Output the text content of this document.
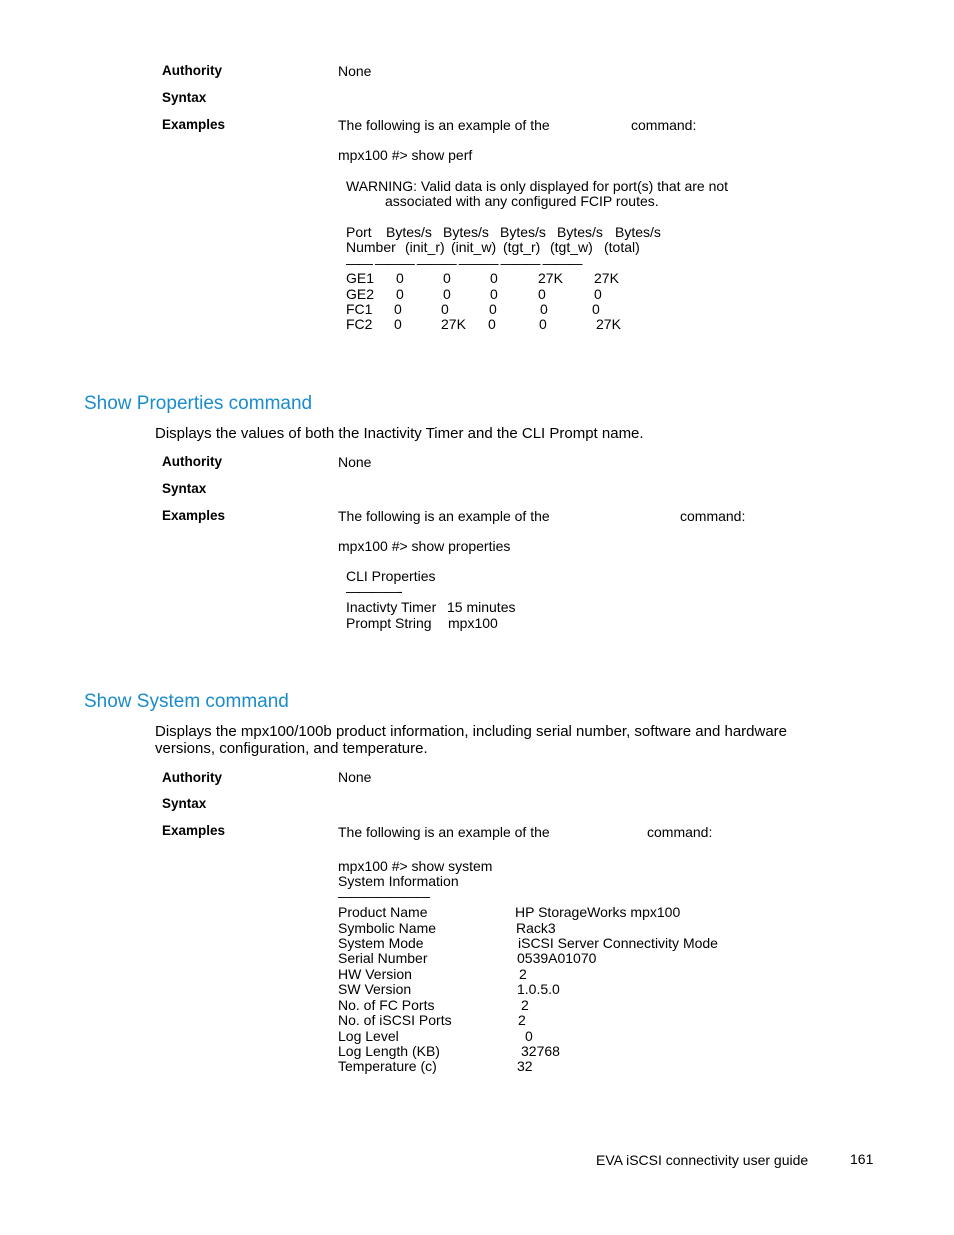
Authority	None
Syntax
Examples	The following is an example of the	command:
mpx100 #> show perf
WARNING: Valid data is only displayed for port(s) that are not
associated with any configured FCIP routes.
Port Bytes/s Bytes/s Bytes/s Bytes/s Bytes/s
Number (init_r) (init_w) (tgt_r) (tgt_w) (total)
—— ——— ——— ——— ——— ———
GE1 0	0	0	27K 27K
GE2 0	0	0	0	0
FC1 0	0	0	0	0
FC2 0	27K 0	0	27K
Show Properties command
Displays the values of both the Inactivity Timer and the CLI Prompt name.
Authority	None
Syntax
Examples	The following is an example of the	command:
mpx100 #> show properties
CLI Properties
————-
Inactivty Timer 15 minutes
Prompt String mpx100
Show System command
Displays the mpx100/100b product information, including serial number, software and hardware
versions, configuration, and temperature.
Authority	None
Syntax
Examples	The following is an example of the	command:
mpx100 #> show system
System Information
———————
Product Name	HP StorageWorks mpx100
Symbolic Name	Rack3
System Mode	iSCSI Server Connectivity Mode
Serial Number	0539A01070
HW Version	2
SW Version	1.0.5.0
No. of FC Ports	2
No. of iSCSI Ports	2
Log Level	0
Log Length (KB)	32768
Temperature (c)	32
EVA iSCSI connectivity user guide	161
